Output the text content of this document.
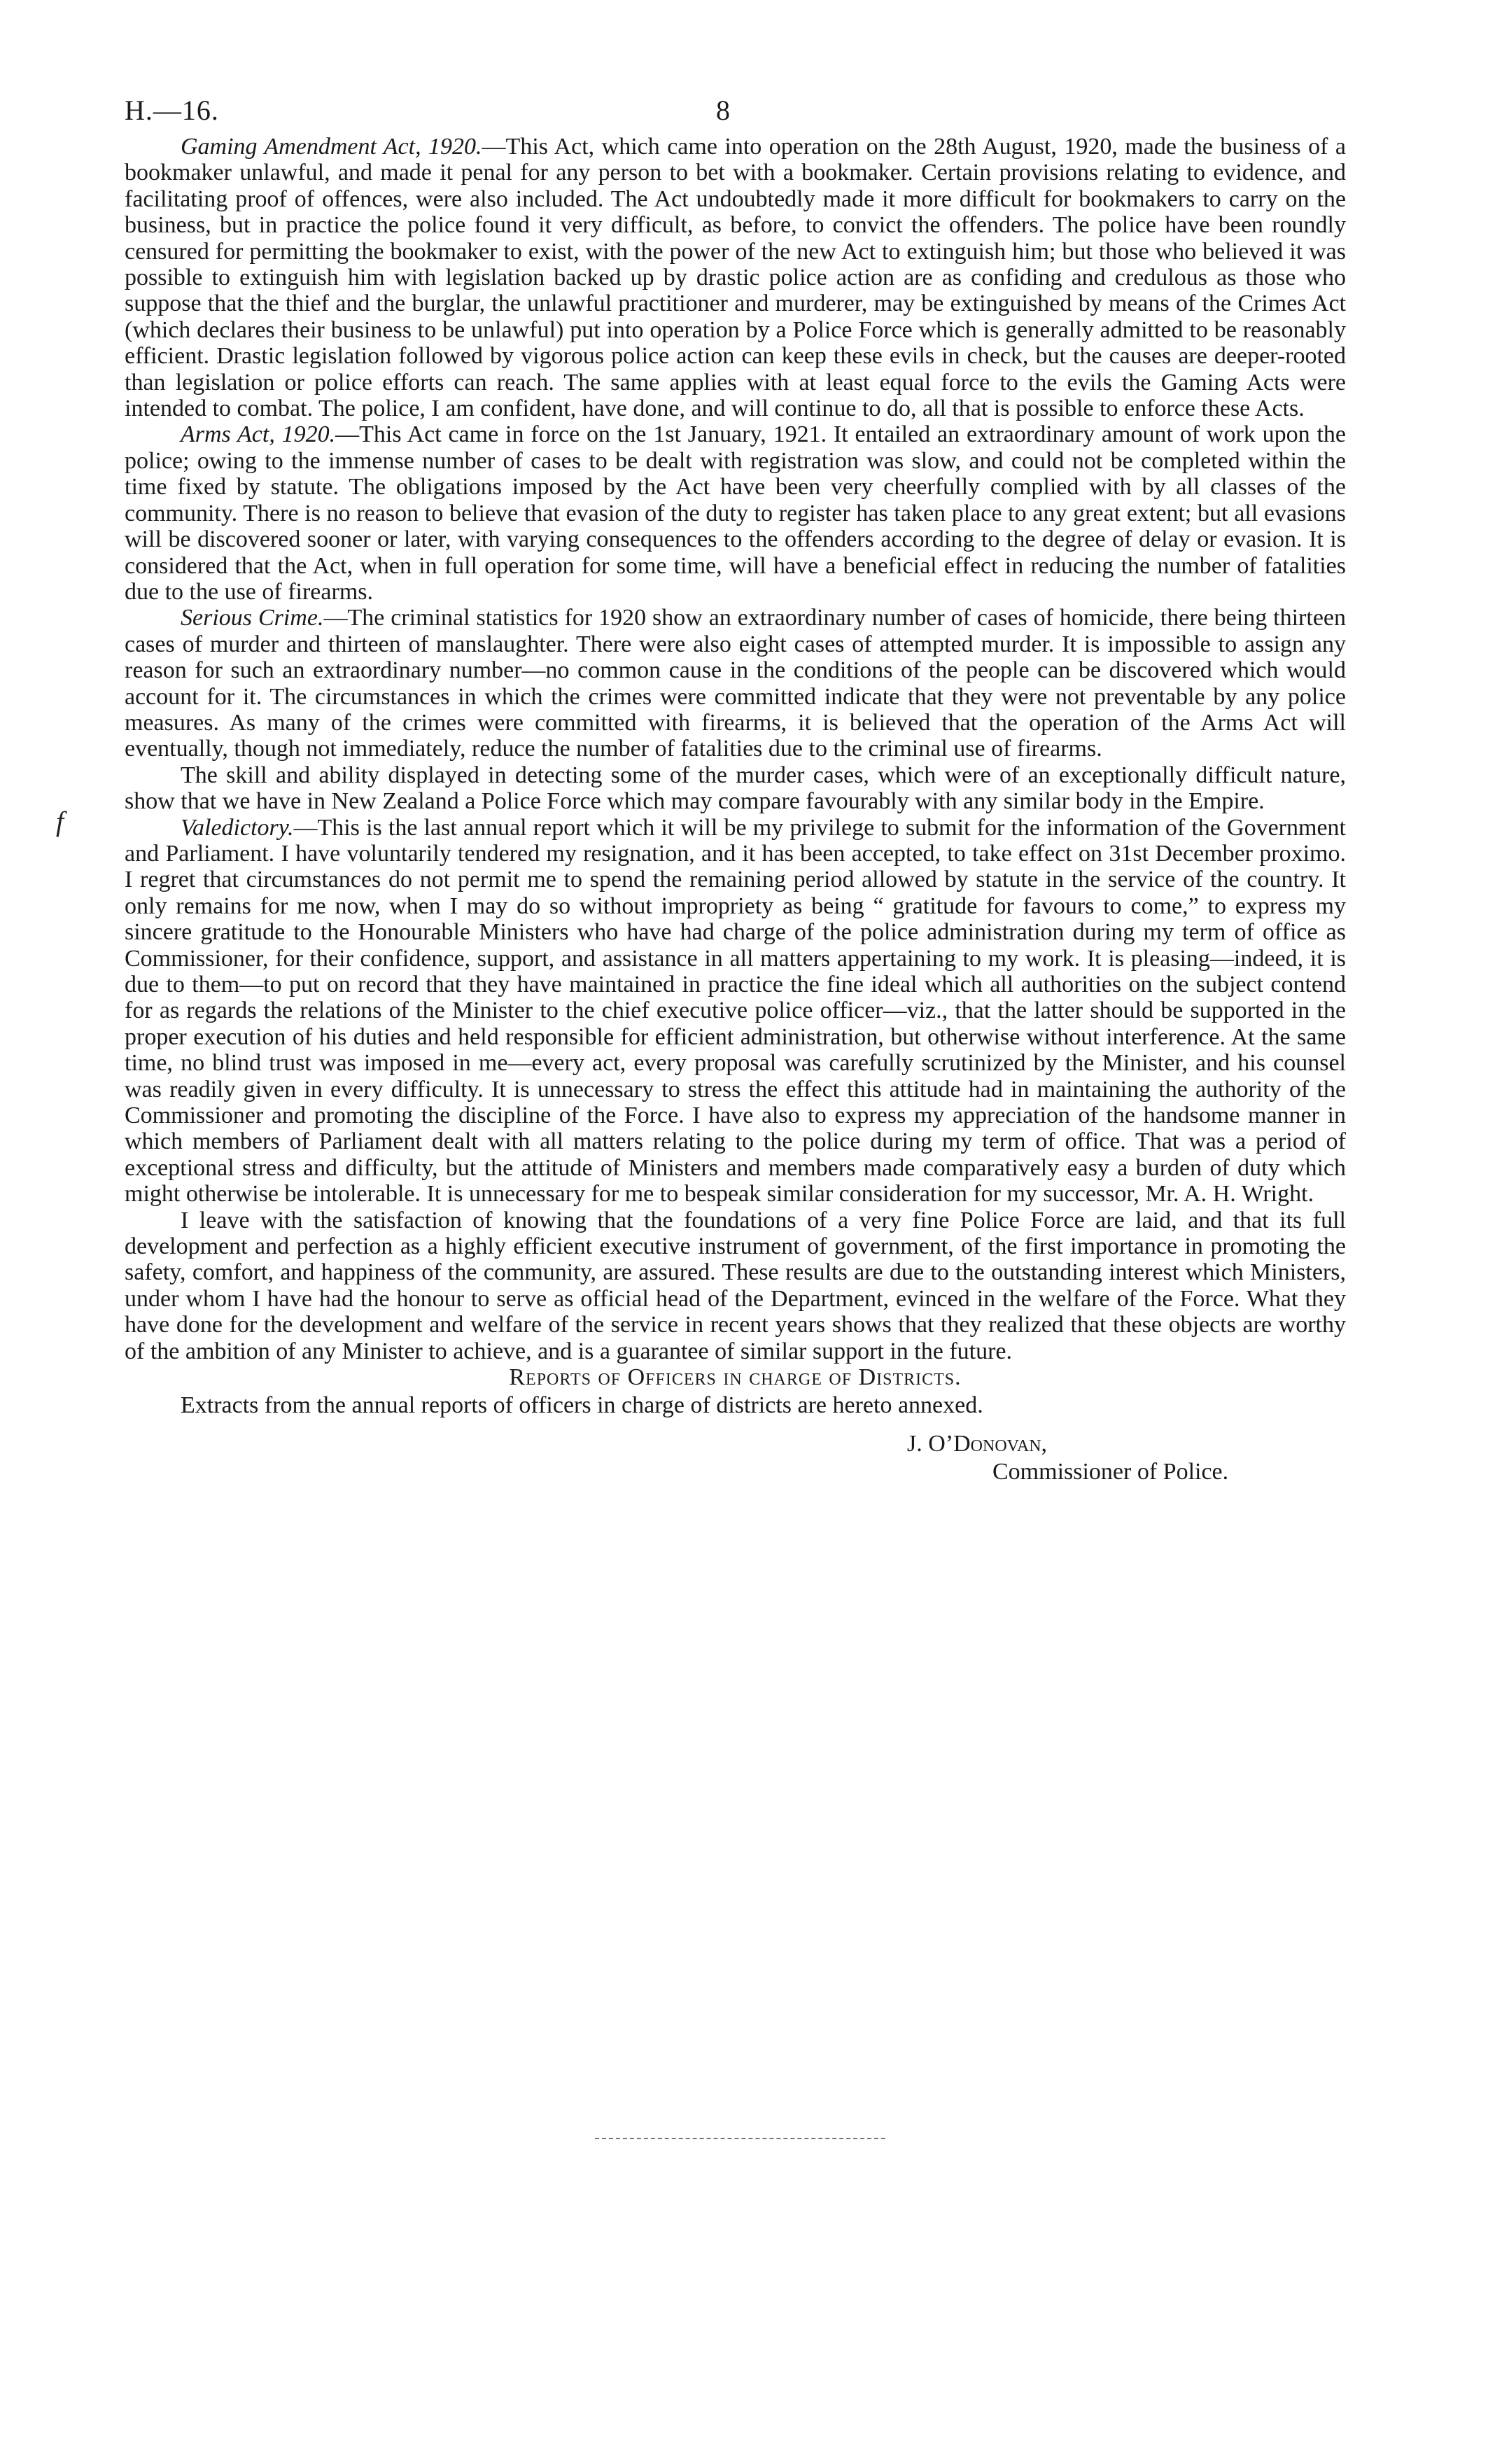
H.—16.	8
f

Gaming Amendment Act, 1920.—This Act, which came into operation on the 28th August, 1920, made the business of a bookmaker unlawful, and made it penal for any person to bet with a bookmaker. Certain provisions relating to evidence, and facilitating proof of offences, were also included. The Act undoubtedly made it more difficult for bookmakers to carry on the business, but in practice the police found it very difficult, as before, to convict the offenders. The police have been roundly censured for permitting the bookmaker to exist, with the power of the new Act to extinguish him; but those who believed it was possible to extinguish him with legislation backed up by drastic police action are as confiding and credulous as those who suppose that the thief and the burglar, the unlawful practitioner and murderer, may be extinguished by means of the Crimes Act (which declares their business to be unlawful) put into operation by a Police Force which is generally admitted to be reasonably efficient. Drastic legislation followed by vigorous police action can keep these evils in check, but the causes are deeper-rooted than legislation or police efforts can reach. The same applies with at least equal force to the evils the Gaming Acts were intended to combat. The police, I am confident, have done, and will continue to do, all that is possible to enforce these Acts.

Arms Act, 1920.—This Act came in force on the 1st January, 1921. It entailed an extraordinary amount of work upon the police; owing to the immense number of cases to be dealt with registration was slow, and could not be completed within the time fixed by statute. The obligations imposed by the Act have been very cheerfully complied with by all classes of the community. There is no reason to believe that evasion of the duty to register has taken place to any great extent; but all evasions will be discovered sooner or later, with varying consequences to the offenders according to the degree of delay or evasion. It is considered that the Act, when in full operation for some time, will have a beneficial effect in reducing the number of fatalities due to the use of firearms.

Serious Crime.—The criminal statistics for 1920 show an extraordinary number of cases of homicide, there being thirteen cases of murder and thirteen of manslaughter. There were also eight cases of attempted murder. It is impossible to assign any reason for such an extraordinary number—no common cause in the conditions of the people can be discovered which would account for it. The circumstances in which the crimes were committed indicate that they were not preventable by any police measures. As many of the crimes were committed with firearms, it is believed that the operation of the Arms Act will eventually, though not immediately, reduce the number of fatalities due to the criminal use of firearms.

The skill and ability displayed in detecting some of the murder cases, which were of an exceptionally difficult nature, show that we have in New Zealand a Police Force which may compare favourably with any similar body in the Empire.

Valedictory.—This is the last annual report which it will be my privilege to submit for the information of the Government and Parliament. I have voluntarily tendered my resignation, and it has been accepted, to take effect on 31st December proximo. I regret that circumstances do not permit me to spend the remaining period allowed by statute in the service of the country. It only remains for me now, when I may do so without impropriety as being “ gratitude for favours to come,” to express my sincere gratitude to the Honourable Ministers who have had charge of the police administration during my term of office as Commissioner, for their confidence, support, and assistance in all matters appertaining to my work. It is pleasing—indeed, it is due to them—to put on record that they have maintained in practice the fine ideal which all authorities on the subject contend for as regards the relations of the Minister to the chief executive police officer—viz., that the latter should be supported in the proper execution of his duties and held responsible for efficient administration, but otherwise without interference. At the same time, no blind trust was imposed in me—every act, every proposal was carefully scrutinized by the Minister, and his counsel was readily given in every difficulty. It is unnecessary to stress the effect this attitude had in maintaining the authority of the Commissioner and promoting the discipline of the Force. I have also to express my appreciation of the handsome manner in which members of Parliament dealt with all matters relating to the police during my term of office. That was a period of exceptional stress and difficulty, but the attitude of Ministers and members made comparatively easy a burden of duty which might otherwise be intolerable. It is unnecessary for me to bespeak similar consideration for my successor, Mr. A. H. Wright.

I leave with the satisfaction of knowing that the foundations of a very fine Police Force are laid, and that its full development and perfection as a highly efficient executive instrument of government, of the first importance in promoting the safety, comfort, and happiness of the community, are assured. These results are due to the outstanding interest which Ministers, under whom I have had the honour to serve as official head of the Department, evinced in the welfare of the Force. What they have done for the development and welfare of the service in recent years shows that they realized that these objects are worthy of the ambition of any Minister to achieve, and is a guarantee of similar support in the future.

Reports of Officers in charge of Districts.

Extracts from the annual reports of officers in charge of districts are hereto annexed.

J. O’Donovan,
Commissioner of Police.
